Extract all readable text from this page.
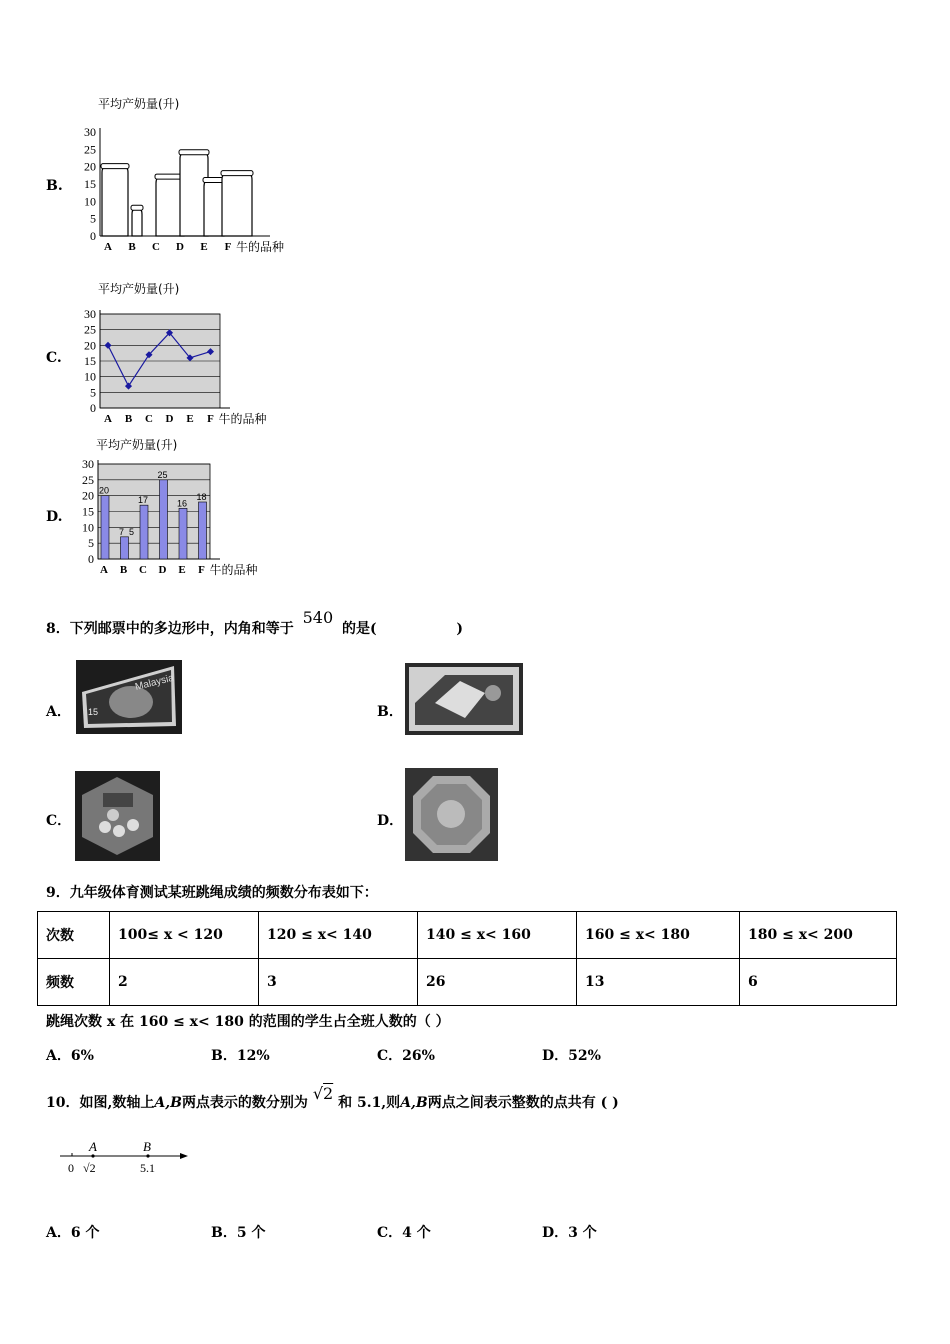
B.
平均产奶量(升)
0
5
10
15
20
25
30
A B C D E F 牛的品种
C.
平均产奶量(升)
0
5
10
15
20
25
30
A B C D E F 牛的品种
D.
平均产奶量(升)
0
5
10
15
20
25
30
A B C D E F 牛的品种
20
7 5
17
25
16
18
8．下列邮票中的多边形中，内角和等于 540 的是(	)
A．
Malaysia
15	B．
C．	D．
9．九年级体育测试某班跳绳成绩的频数分布表如下：
次数	100≤ x < 120	120 ≤ x< 140	140 ≤ x< 160	160 ≤ x< 180	180 ≤ x< 200
频数	2	3	26	13	6
跳绳次数 x 在 160 ≤ x< 180 的范围的学生占全班人数的（ ）
A．6%	B．12%	C．26%	D．52%
10．如图,数轴上A,B两点表示的数分别为 √2 和 5.1,则A,B两点之间表示整数的点共有 ( )
A	B
0 √2	5.1
A．6 个	B．5 个	C．4 个	D．3 个
